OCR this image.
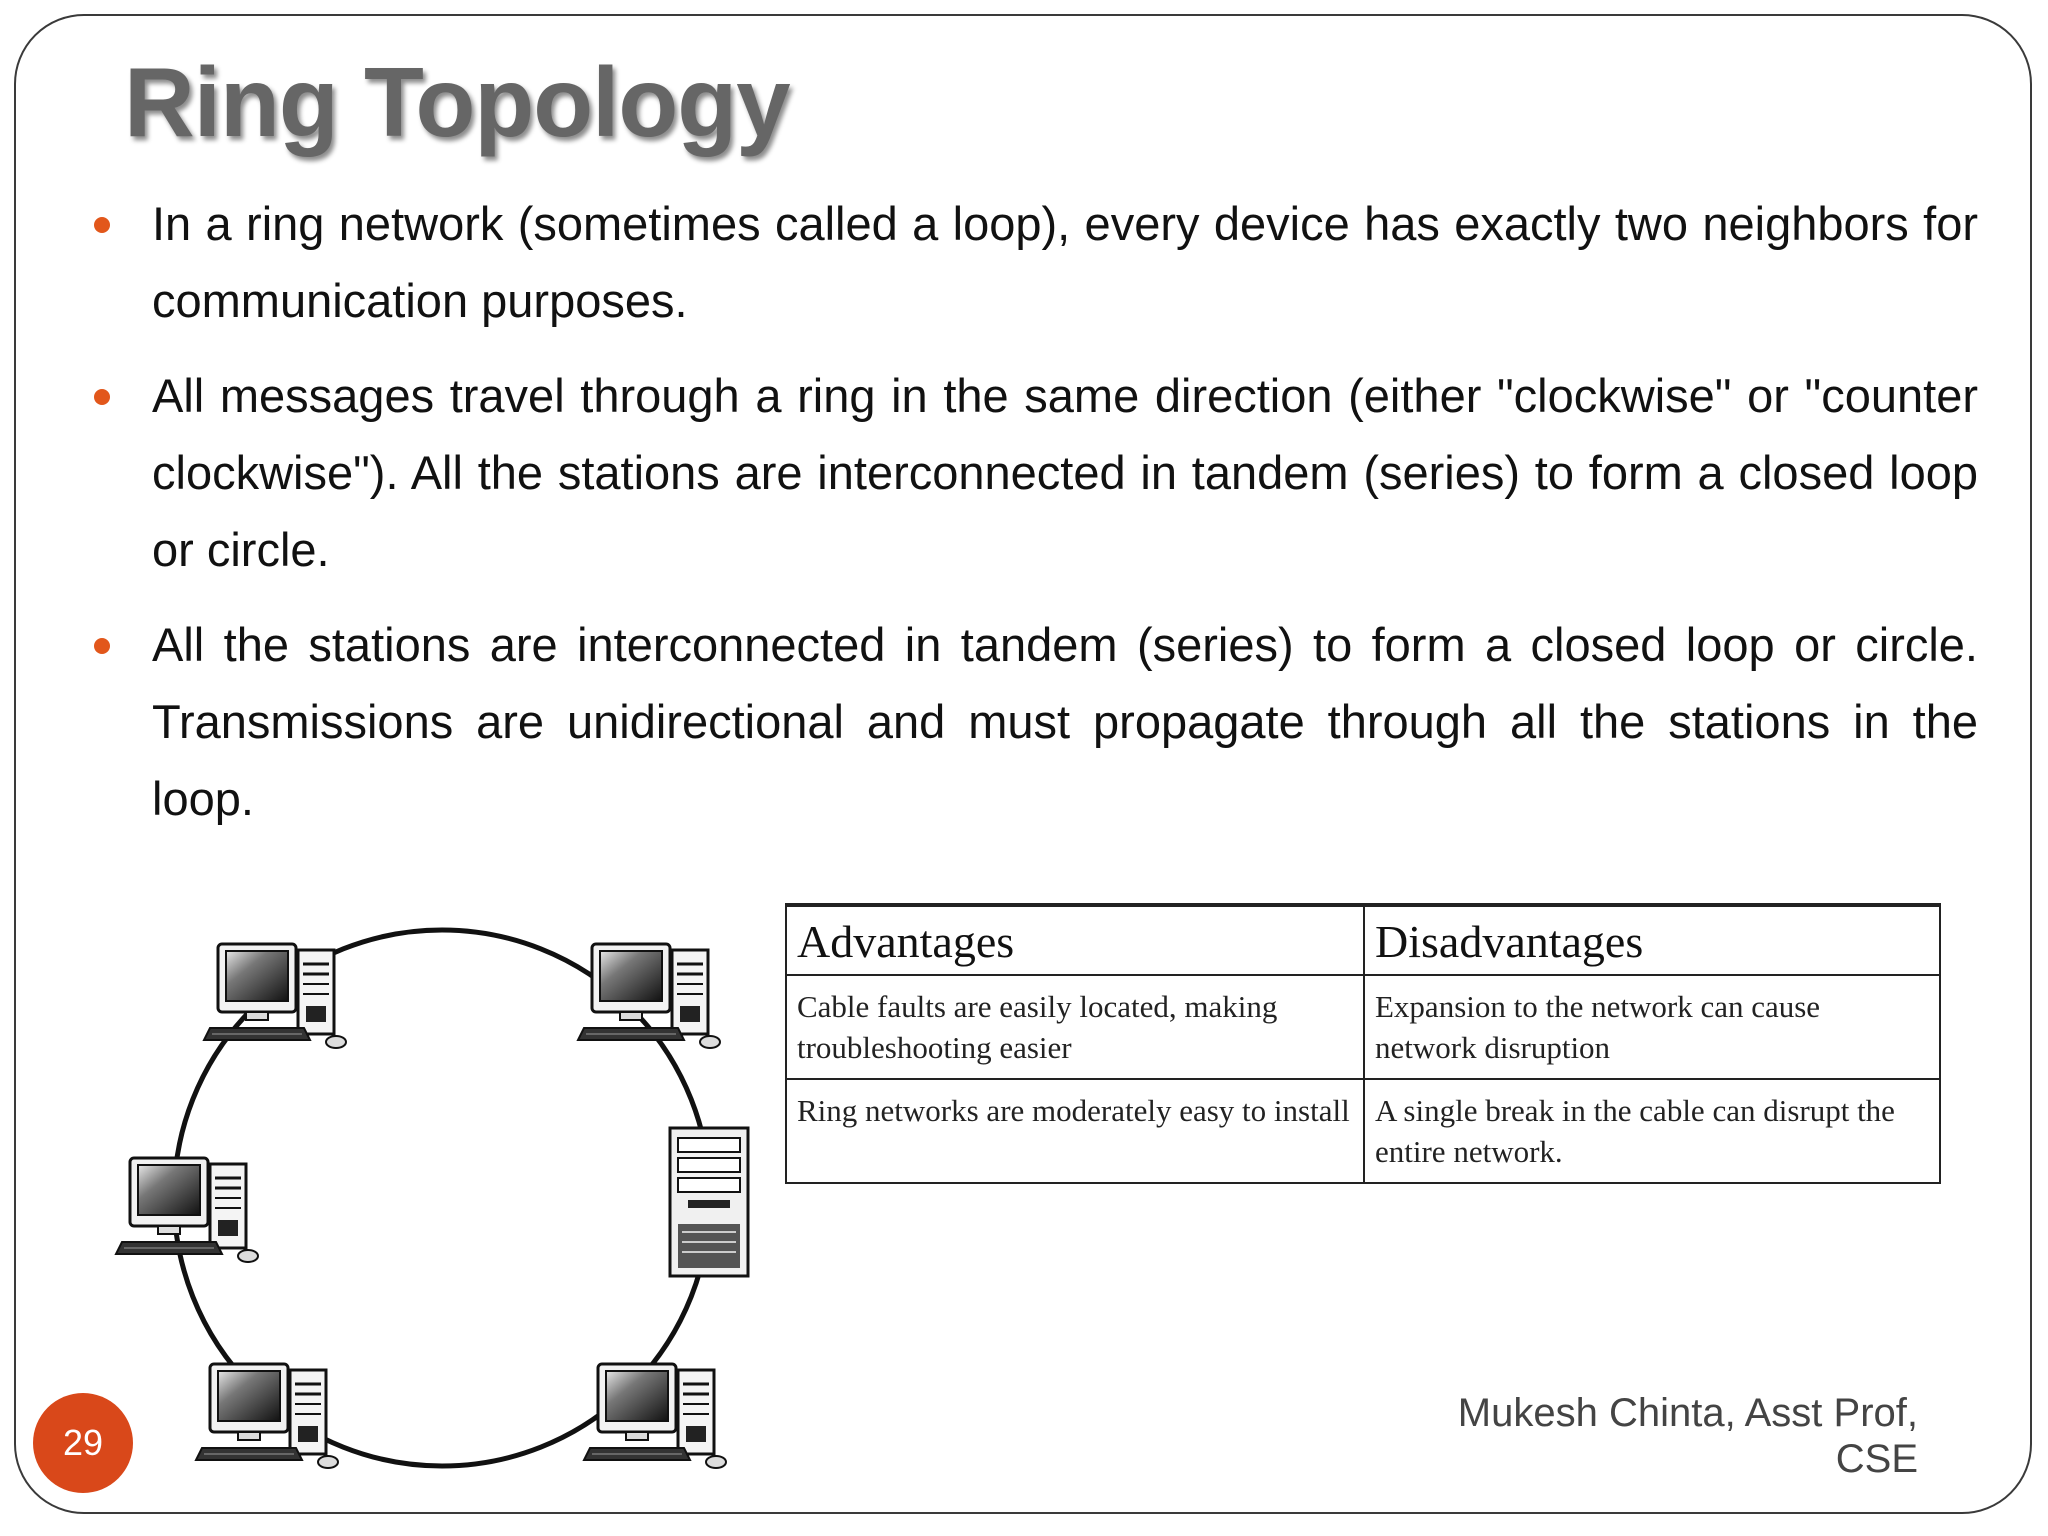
Ring Topology
In a ring network (sometimes called a loop), every device has exactly two neighbors for communication purposes.
All messages travel through a ring in the same direction (either "clockwise" or "counter clockwise"). All the stations are interconnected in tandem (series) to form a closed loop or circle.
All the stations are interconnected in tandem (series) to form a closed loop or circle. Transmissions are unidirectional and must propagate through all the stations in the loop.
Advantages	Disadvantages
Cable faults are easily located, making troubleshooting easier	Expansion to the network can cause network disruption
Ring networks are moderately easy to install	A single break in the cable can disrupt the entire network.
29
Mukesh Chinta, Asst Prof,
CSE
